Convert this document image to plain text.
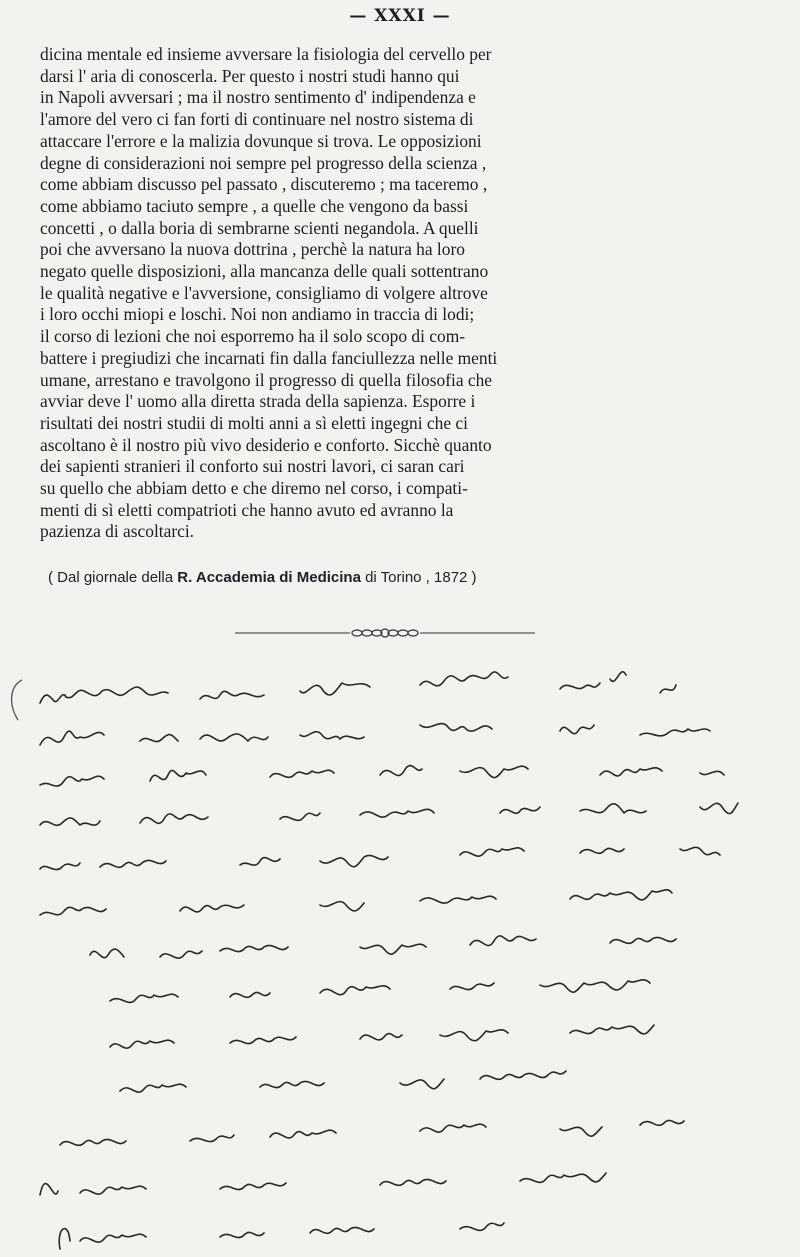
— XXXI —
dicina mentale ed insieme avversare la fisiologia del cervello per
darsi l' aria di conoscerla. Per questo i nostri studi hanno qui
in Napoli avversari ; ma il nostro sentimento d' indipendenza e
l'amore del vero ci fan forti di continuare nel nostro sistema di
attaccare l'errore e la malizia dovunque si trova. Le opposizioni
degne di considerazioni noi sempre pel progresso della scienza ,
come abbiam discusso pel passato , discuteremo ; ma taceremo ,
come abbiamo taciuto sempre , a quelle che vengono da bassi
concetti , o dalla boria di sembrarne scienti negandola. A quelli
poi che avversano la nuova dottrina , perchè la natura ha loro
negato quelle disposizioni, alla mancanza delle quali sottentrano
le qualità negative e l'avversione, consigliamo di volgere altrove
i loro occhi miopi e loschi. Noi non andiamo in traccia di lodi;
il corso di lezioni che noi esporremo ha il solo scopo di com-
battere i pregiudizi che incarnati fin dalla fanciullezza nelle menti
umane, arrestano e travolgono il progresso di quella filosofia che
avviar deve l' uomo alla diretta strada della sapienza. Esporre i
risultati dei nostri studii di molti anni a sì eletti ingegni che ci
ascoltano è il nostro più vivo desiderio e conforto. Sicchè quanto
dei sapienti stranieri il conforto sui nostri lavori, ci saran cari
su quello che abbiam detto e che diremo nel corso, i compati-
menti di sì eletti compatrioti che hanno avuto ed avranno la
pazienza di ascoltarci.
( Dal giornale della R. Accademia di Medicina di Torino , 1872 )
